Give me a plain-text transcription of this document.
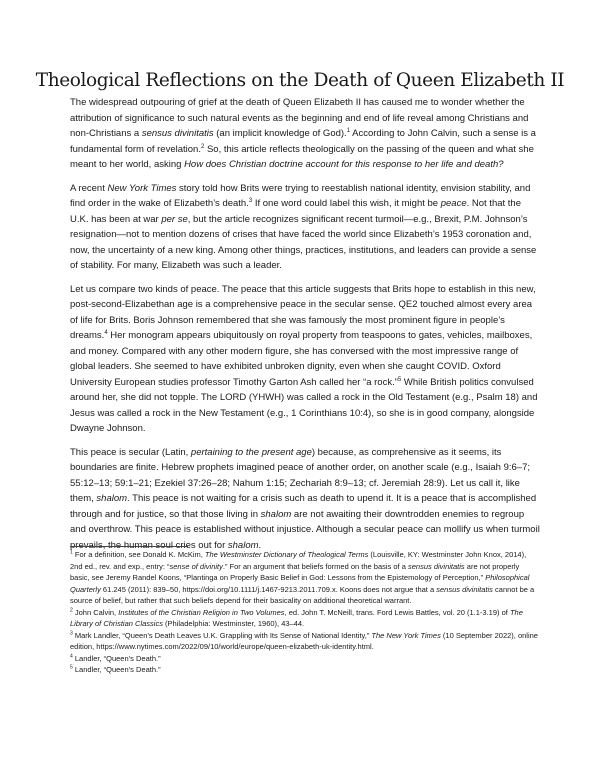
Theological Reflections on the Death of Queen Elizabeth II

The widespread outpouring of grief at the death of Queen Elizabeth II has caused me to wonder whether the attribution of significance to such natural events as the beginning and end of life reveal among Christians and non-Christians a sensus divinitatis (an implicit knowledge of God).$^1$ According to John Calvin, such a sense is a fundamental form of revelation.$^2$ So, this article reflects theologically on the passing of the queen and what she meant to her world, asking How does Christian doctrine account for this response to her life and death?

A recent New York Times story told how Brits were trying to reestablish national identity, envision stability, and find order in the wake of Elizabeth’s death.$^3$ If one word could label this wish, it might be peace. Not that the U.K. has been at war per se, but the article recognizes significant recent turmoil—e.g., Brexit, P.M. Johnson’s resignation—not to mention dozens of crises that have faced the world since Elizabeth’s 1953 coronation and, now, the uncertainty of a new king. Among other things, practices, institutions, and leaders can provide a sense of stability. For many, Elizabeth was such a leader.

Let us compare two kinds of peace. The peace that this article suggests that Brits hope to establish in this new, post-second-Elizabethan age is a comprehensive peace in the secular sense. QE2 touched almost every area of life for Brits. Boris Johnson remembered that she was famously the most prominent figure in people’s dreams.$^4$ Her monogram appears ubiquitously on royal property from teaspoons to gates, vehicles, mailboxes, and money. Compared with any other modern figure, she has conversed with the most impressive range of global leaders. She seemed to have exhibited unbroken dignity, even when she caught COVID. Oxford University European studies professor Timothy Garton Ash called her “a rock.”$^5$ While British politics convulsed around her, she did not topple. The LORD (YHWH) was called a rock in the Old Testament (e.g., Psalm 18) and Jesus was called a rock in the New Testament (e.g., 1 Corinthians 10:4), so she is in good company, alongside Dwayne Johnson.

This peace is secular (Latin, pertaining to the present age) because, as comprehensive as it seems, its boundaries are finite. Hebrew prophets imagined peace of another order, on another scale (e.g., Isaiah 9:6–7; 55:12–13; 59:1–21; Ezekiel 37:26–28; Nahum 1:15; Zechariah 8:9–13; cf. Jeremiah 28:9). Let us call it, like them, shalom. This peace is not waiting for a crisis such as death to upend it. It is a peace that is accomplished through and for justice, so that those living in shalom are not awaiting their downtrodden enemies to regroup and overthrow. This peace is established without injustice. Although a secular peace can mollify us when turmoil prevails, the human soul cries out for shalom.

$^1$ For a definition, see Donald K. McKim, The Westminster Dictionary of Theological Terms (Louisville, KY: Westminster John Knox, 2014), 2nd ed., rev. and exp., entry: “sense of divinity.” For an argument that beliefs formed on the basis of a sensus divinitatis are not properly basic, see Jeremy Randel Koons, “Plantinga on Properly Basic Belief in God: Lessons from the Epistemology of Perception,” Philosophical Quarterly 61.245 (2011): 839–50, https://doi.org/10.1111/j.1467-9213.2011.709.x. Koons does not argue that a sensus divinitatis cannot be a source of belief, but rather that such beliefs depend for their basicality on additional theoretical warrant.

$^2$ John Calvin, Institutes of the Christian Religion in Two Volumes, ed. John T. McNeill, trans. Ford Lewis Battles, vol. 20 (1.1-3.19) of The Library of Christian Classics (Philadelphia: Westminster, 1960), 43–44.

$^3$ Mark Landler, “Queen’s Death Leaves U.K. Grappling with Its Sense of National Identity,” The New York Times (10 September 2022), online edition, https://www.nytimes.com/2022/09/10/world/europe/queen-elizabeth-uk-identity.html.

$^4$ Landler, “Queen’s Death.”

$^5$ Landler, “Queen’s Death.”
